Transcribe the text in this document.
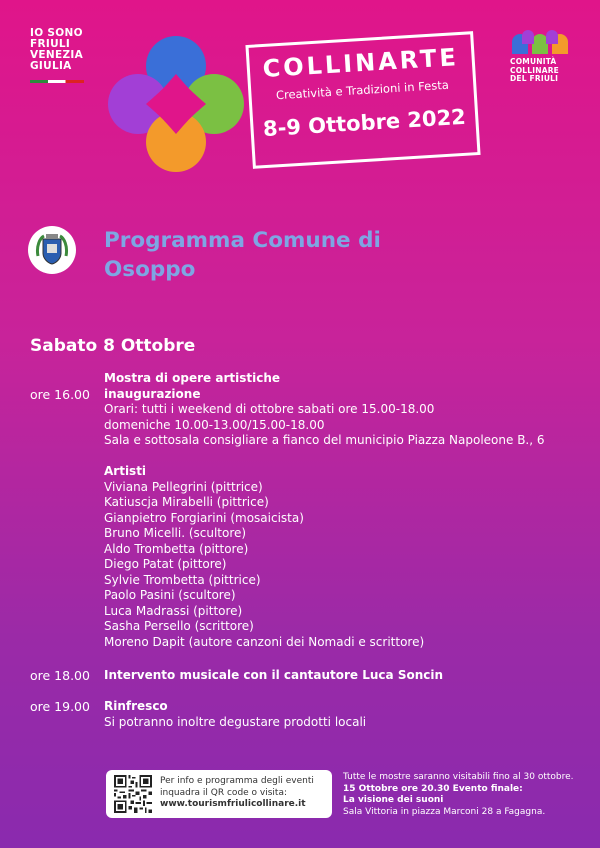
IO SONO
FRIULI
VENEZIA
GIULIA	COLLINARTE
Creatività e Tradizioni in Festa
8-9 Ottobre 2022
COMUNITÀ
COLLINARE
DEL FRIULI
Programma Comune di
Osoppo
Sabato 8 Ottobre
ore 16.00
Mostra di opere artistiche
inaugurazione
Orari: tutti i weekend di ottobre sabati ore 15.00-18.00
domeniche 10.00-13.00/15.00-18.00
Sala e sottosala consigliare a fianco del municipio Piazza Napoleone B., 6
Artisti
Viviana Pellegrini (pittrice)
Katiuscja Mirabelli (pittrice)
Gianpietro Forgiarini (mosaicista)
Bruno Micelli. (scultore)
Aldo Trombetta (pittore)
Diego Patat (pittore)
Sylvie Trombetta (pittrice)
Paolo Pasini (scultore)
Luca Madrassi (pittore)
Sasha Persello (scrittore)
Moreno Dapit (autore canzoni dei Nomadi e scrittore)
ore 18.00 Intervento musicale con il cantautore Luca Soncin
ore 19.00 Rinfresco
Si potranno inoltre degustare prodotti locali
Per info e programma degli eventi
inquadra il QR code o visita:
www.tourismfriulicollinare.it
Tutte le mostre saranno visitabili fino al 30 ottobre.
15 Ottobre ore 20.30 Evento finale:
La visione dei suoni
Sala Vittoria in piazza Marconi 28 a Fagagna.
